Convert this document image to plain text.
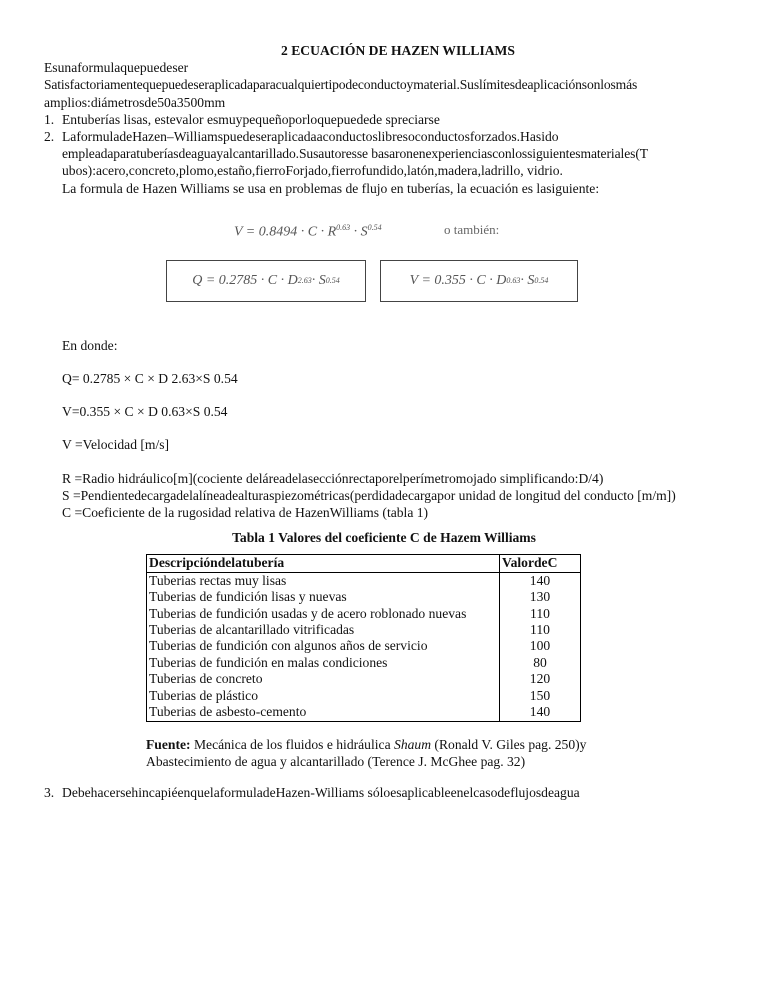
2 ECUACIÓN DE HAZEN WILLIAMS
Esunaformulaquepuedeser
Satisfactoriamentequepuedeseraplicadaparacualquiertipodeconductoymaterial.Suslímitesdeaplicaciónsonlosmás
amplios:diámetrosde50a3500mm
1. Entuberías lisas, estevalor esmuypequeñoporloquepuedede spreciarse
2. LaformuladeHazen–Williamspuedeseraplicadaaconductoslibresoconductosforzados.Hasido
empleadaparatuberíasdeaguayalcantarillado.Susautoresse basaronenexperienciasconlossiguientesmateriales(T
ubos):acero,concreto,plomo,estaño,fierroForjado,fierrofundido,latón,madera,ladrillo, vidrio.
La formula de Hazen Williams se usa en problemas de flujo en tuberías, la ecuación es lasiguiente:
$V = 0.8494 \cdot C \cdot R^{0.63} \cdot S^{0.54}$	o también:
Q = 0.2785 · C · D 2.63 · S 0.54	V = 0.355 · C · D 0.63 · S 0.54
En donde:
Q= 0.2785 × C × D 2.63×S 0.54
V=0.355 × C × D 0.63×S 0.54
V =Velocidad [m/s]
R =Radio hidráulico[m](cociente deláreadelasecciónrectaporelperímetromojado simplificando:D/4)
S =Pendientedecargadelalíneadealturaspiezométricas(perdidadecargapor unidad de longitud del conducto [m/m])
C =Coeficiente de la rugosidad relativa de HazenWilliams (tabla 1)
Tabla 1 Valores del coeficiente C de Hazem Williams
Descripcióndelatubería	ValordeC
Tuberias rectas muy lisas	140
Tuberias de fundición lisas y nuevas	130
Tuberias de fundición usadas y de acero roblonado nuevas	110
Tuberias de alcantarillado vitrificadas	110
Tuberias de fundición con algunos años de servicio	100
Tuberias de fundición en malas condiciones	80
Tuberias de concreto	120
Tuberias de plástico	150
Tuberias de asbesto-cemento	140
Fuente: Mecánica de los fluidos e hidráulica Shaum (Ronald V. Giles pag. 250)y
Abastecimiento de agua y alcantarillado (Terence J. McGhee pag. 32)
3. DebehacersehincapiéenquelaformuladeHazen-Williams sóloesaplicableenelcasodeflujosdeagua
